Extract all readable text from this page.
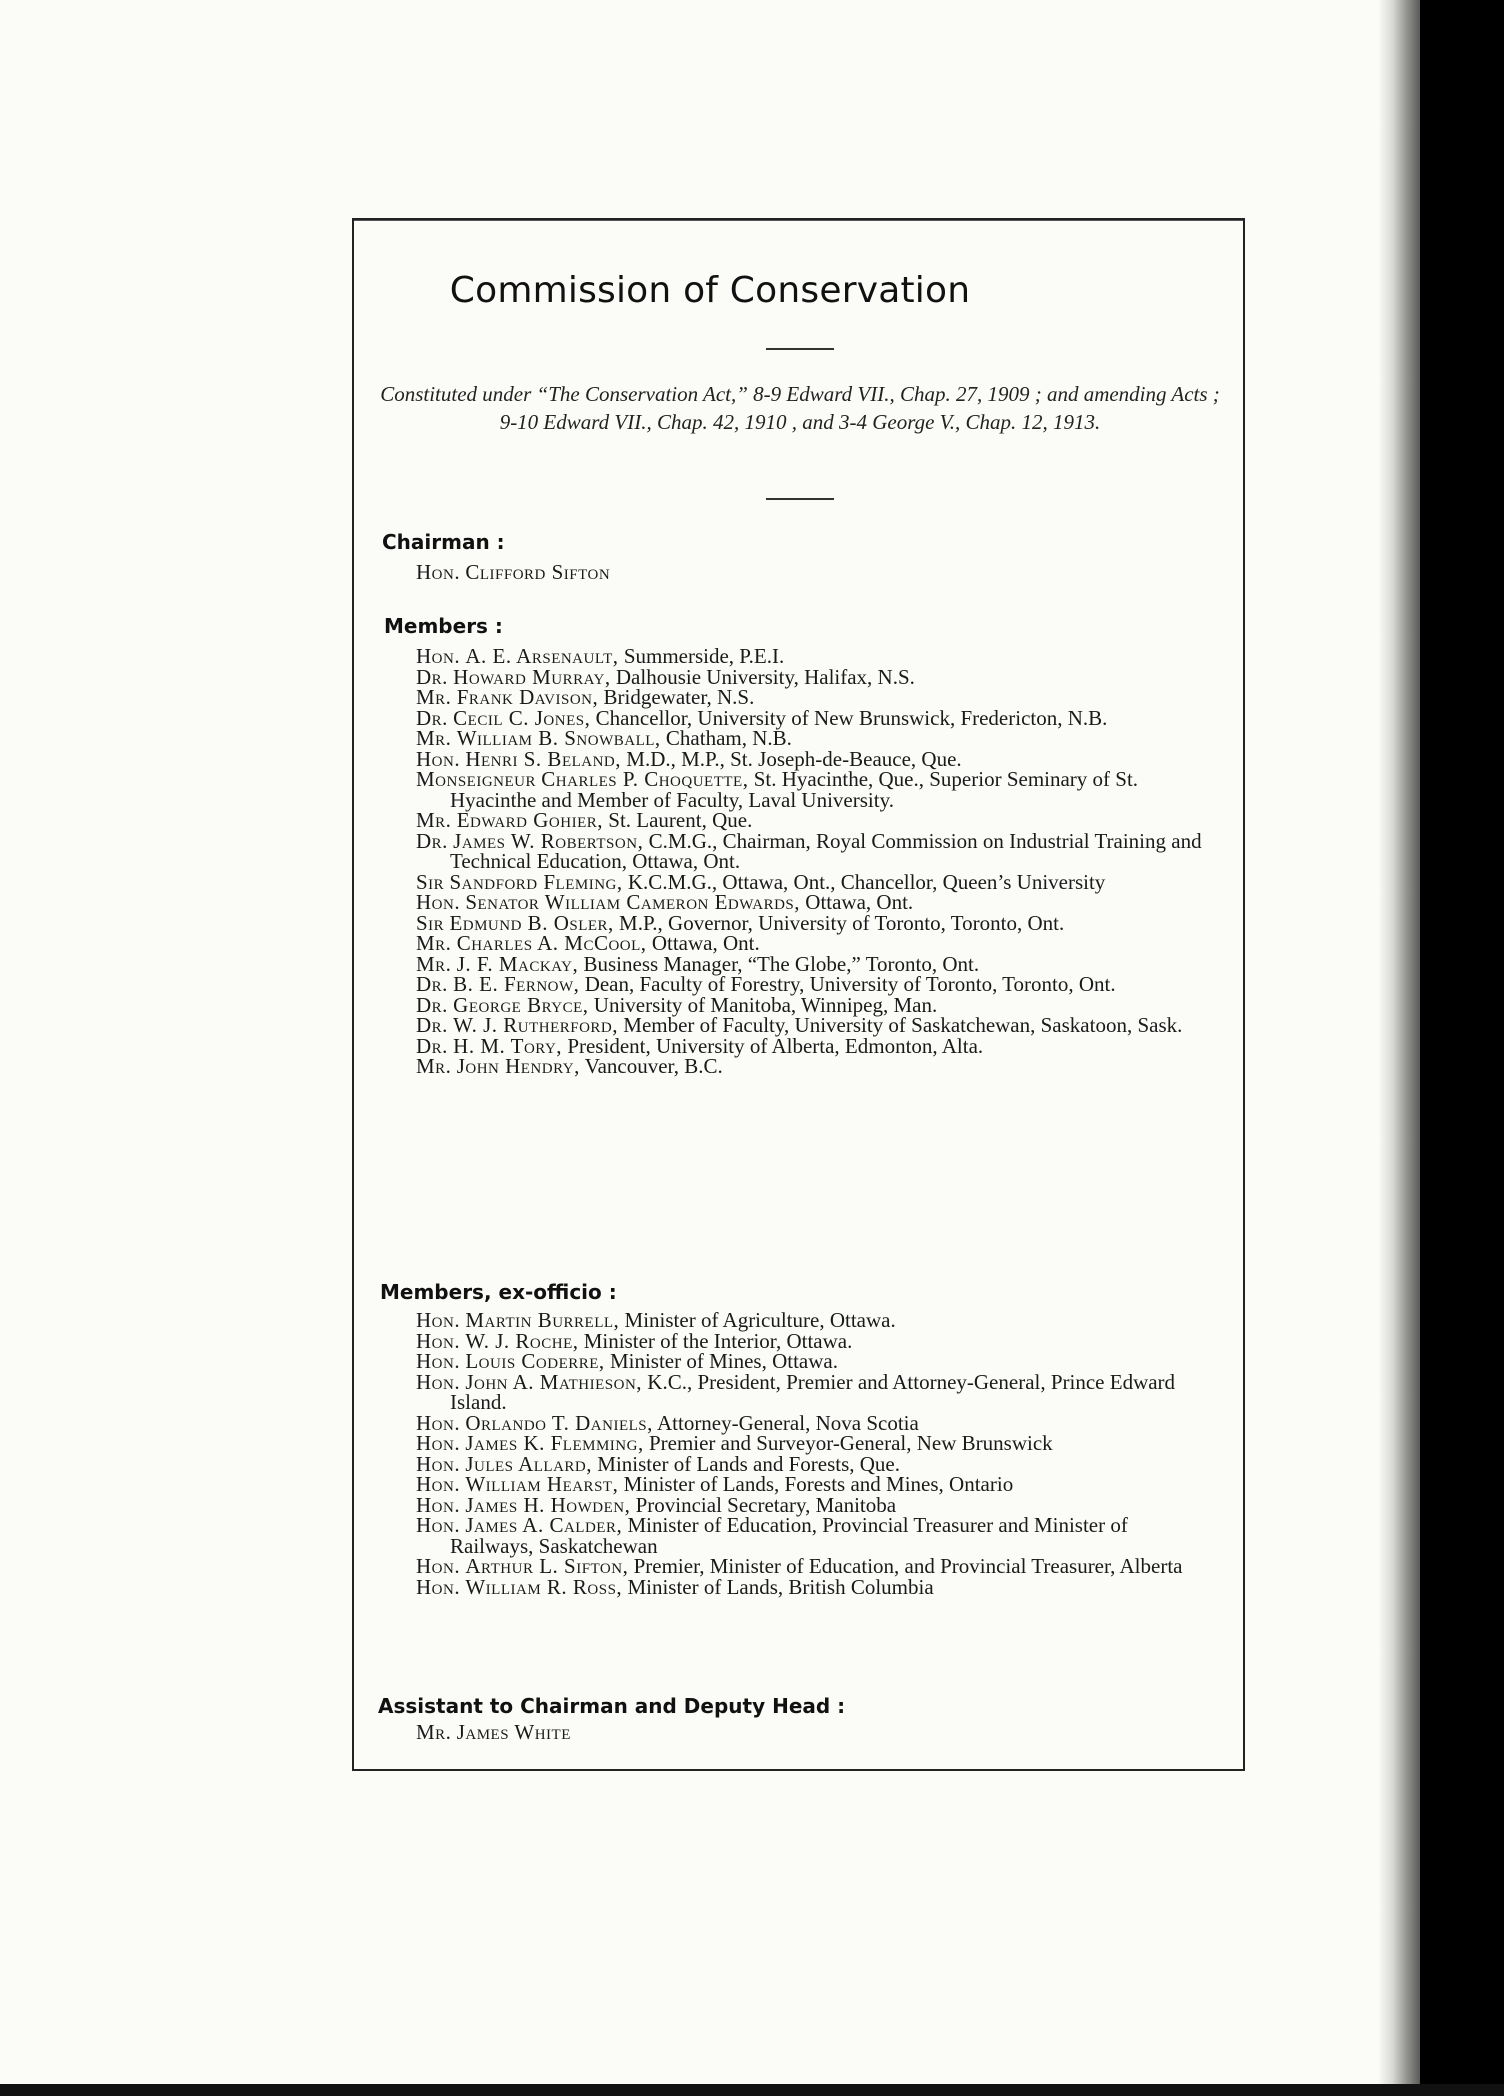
Commission of Conservation
Constituted under “The Conservation Act,” 8-9 Edward VII., Chap. 27, 1909 ; and amending Acts ; 9-10 Edward VII., Chap. 42, 1910 , and 3-4 George V., Chap. 12, 1913.
Chairman :
Hon. Clifford Sifton
Members :
Hon. A. E. Arsenault, Summerside, P.E.I.
Dr. Howard Murray, Dalhousie University, Halifax, N.S.
Mr. Frank Davison, Bridgewater, N.S.
Dr. Cecil C. Jones, Chancellor, University of New Brunswick, Fredericton, N.B.
Mr. William B. Snowball, Chatham, N.B.
Hon. Henri S. Beland, M.D., M.P., St. Joseph-de-Beauce, Que.
Monseigneur Charles P. Choquette, St. Hyacinthe, Que., Superior Seminary of St. Hyacinthe and Member of Faculty, Laval University.
Mr. Edward Gohier, St. Laurent, Que.
Dr. James W. Robertson, C.M.G., Chairman, Royal Commission on Industrial Training and Technical Education, Ottawa, Ont.
Sir Sandford Fleming, K.C.M.G., Ottawa, Ont., Chancellor, Queen’s University
Hon. Senator William Cameron Edwards, Ottawa, Ont.
Sir Edmund B. Osler, M.P., Governor, University of Toronto, Toronto, Ont.
Mr. Charles A. McCool, Ottawa, Ont.
Mr. J. F. Mackay, Business Manager, “The Globe,” Toronto, Ont.
Dr. B. E. Fernow, Dean, Faculty of Forestry, University of Toronto, Toronto, Ont.
Dr. George Bryce, University of Manitoba, Winnipeg, Man.
Dr. W. J. Rutherford, Member of Faculty, University of Saskatchewan, Saskatoon, Sask.
Dr. H. M. Tory, President, University of Alberta, Edmonton, Alta.
Mr. John Hendry, Vancouver, B.C.
Members, ex-officio :
Hon. Martin Burrell, Minister of Agriculture, Ottawa.
Hon. W. J. Roche, Minister of the Interior, Ottawa.
Hon. Louis Coderre, Minister of Mines, Ottawa.
Hon. John A. Mathieson, K.C., President, Premier and Attorney-General, Prince Edward Island.
Hon. Orlando T. Daniels, Attorney-General, Nova Scotia
Hon. James K. Flemming, Premier and Surveyor-General, New Brunswick
Hon. Jules Allard, Minister of Lands and Forests, Que.
Hon. William Hearst, Minister of Lands, Forests and Mines, Ontario
Hon. James H. Howden, Provincial Secretary, Manitoba
Hon. James A. Calder, Minister of Education, Provincial Treasurer and Minister of Railways, Saskatchewan
Hon. Arthur L. Sifton, Premier, Minister of Education, and Provincial Treasurer, Alberta
Hon. William R. Ross, Minister of Lands, British Columbia
Assistant to Chairman and Deputy Head :
Mr. James White
